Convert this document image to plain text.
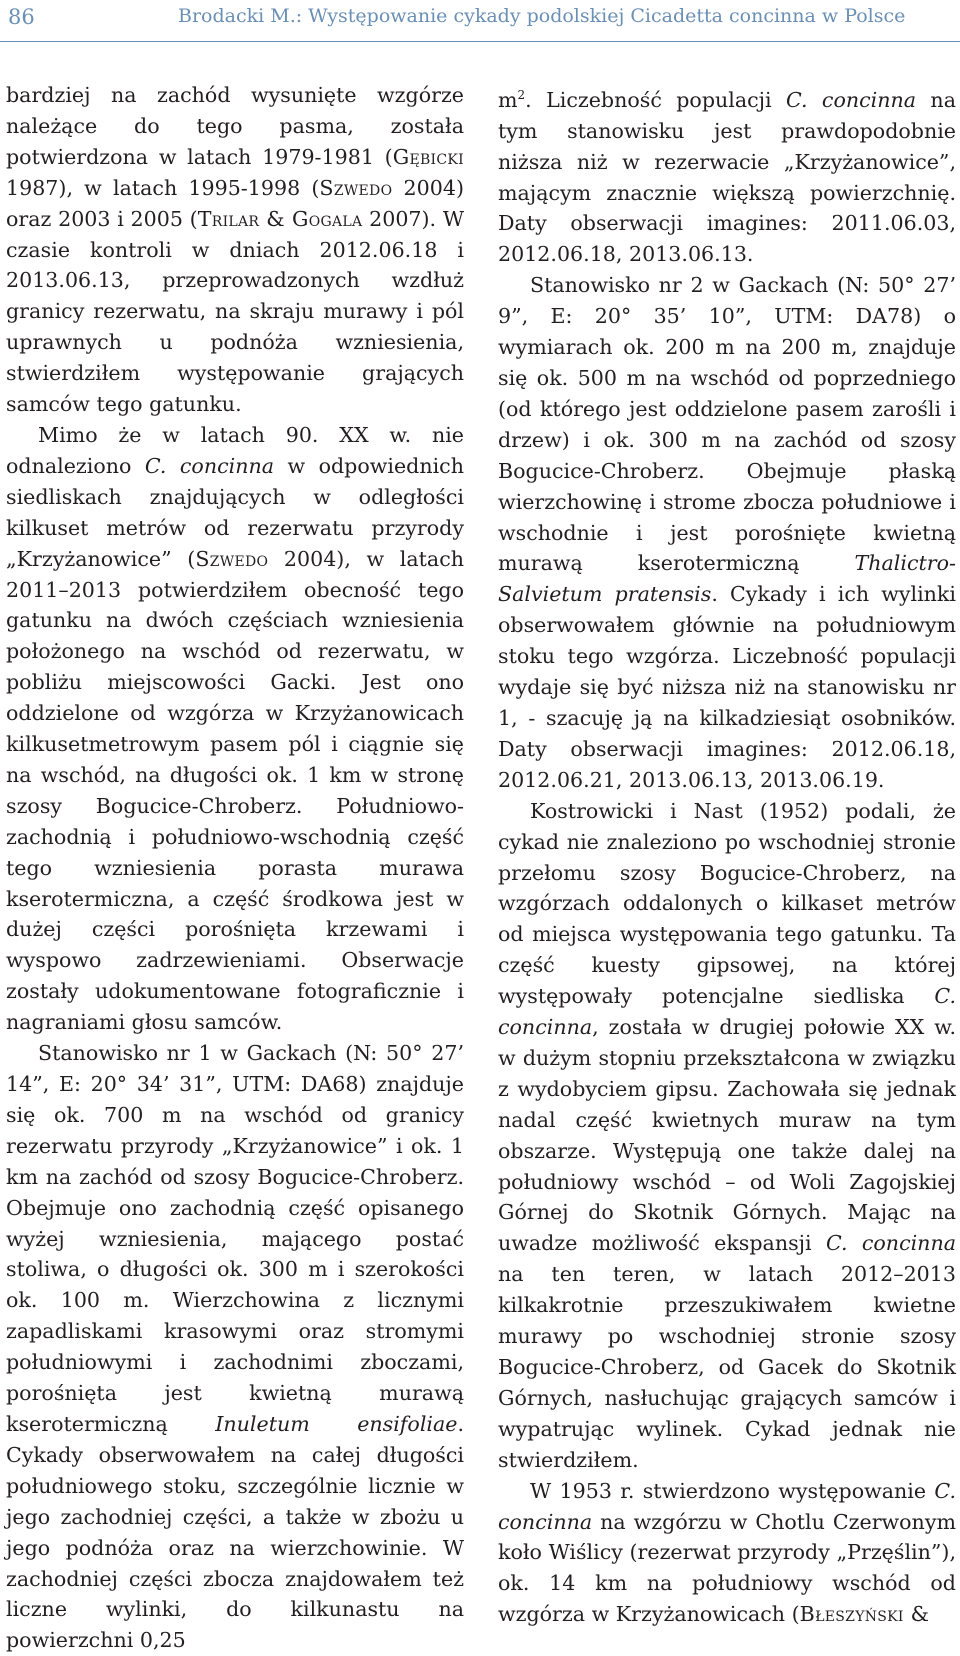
86	Brodacki M.: Występowanie cykady podolskiej Cicadetta concinna w Polsce

bardziej na zachód wysunięte wzgórze należące do tego pasma, została potwierdzona w latach 1979-1981 (Gębicki 1987), w latach 1995-1998 (Szwedo 2004) oraz 2003 i 2005 (Trilar & Gogala 2007). W czasie kontroli w dniach 2012.06.18 i 2013.06.13, przeprowadzonych wzdłuż granicy rezerwatu, na skraju murawy i pól uprawnych u podnóża wzniesienia, stwierdziłem występowanie grających samców tego gatunku.

Mimo że w latach 90. XX w. nie odnaleziono C. concinna w odpowiednich siedliskach znajdujących w odległości kilkuset metrów od rezerwatu przyrody „Krzyżanowice” (Szwedo 2004), w latach 2011–2013 potwierdziłem obecność tego gatunku na dwóch częściach wzniesienia położonego na wschód od rezerwatu, w pobliżu miejscowości Gacki. Jest ono oddzielone od wzgórza w Krzyżanowicach kilkusetmetrowym pasem pól i ciągnie się na wschód, na długości ok. 1 km w stronę szosy Bogucice-Chroberz. Południowo-zachodnią i południowo-wschodnią część tego wzniesienia porasta murawa kserotermiczna, a część środkowa jest w dużej części porośnięta krzewami i wyspowo zadrzewieniami. Obserwacje zostały udokumentowane fotograficznie i nagraniami głosu samców.

Stanowisko nr 1 w Gackach (N: 50° 27’ 14”, E: 20° 34’ 31”, UTM: DA68) znajduje się ok. 700 m na wschód od granicy rezerwatu przyrody „Krzyżanowice” i ok. 1 km na zachód od szosy Bogucice-Chroberz. Obejmuje ono zachodnią część opisanego wyżej wzniesienia, mającego postać stoliwa, o długości ok. 300 m i szerokości ok. 100 m. Wierzchowina z licznymi zapadliskami krasowymi oraz stromymi południowymi i zachodnimi zboczami, porośnięta jest kwietną murawą kserotermiczną Inuletum ensifoliae. Cykady obserwowałem na całej długości południowego stoku, szczególnie licznie w jego zachodniej części, a także w zbożu u jego podnóża oraz na wierzchowinie. W zachodniej części zbocza znajdowałem też liczne wylinki, do kilkunastu na powierzchni 0,25

$m^2$. Liczebność populacji C. concinna na tym stanowisku jest prawdopodobnie niższa niż w rezerwacie „Krzyżanowice”, mającym znacznie większą powierzchnię. Daty obserwacji imagines: 2011.06.03, 2012.06.18, 2013.06.13.

Stanowisko nr 2 w Gackach (N: 50° 27’ 9”, E: 20° 35’ 10”, UTM: DA78) o wymiarach ok. 200 m na 200 m, znajduje się ok. 500 m na wschód od poprzedniego (od którego jest oddzielone pasem zarośli i drzew) i ok. 300 m na zachód od szosy Bogucice-Chroberz. Obejmuje płaską wierzchowinę i strome zbocza południowe i wschodnie i jest porośnięte kwietną murawą kserotermiczną Thalictro-Salvietum pratensis. Cykady i ich wylinki obserwowałem głównie na południowym stoku tego wzgórza. Liczebność populacji wydaje się być niższa niż na stanowisku nr 1, - szacuję ją na kilkadziesiąt osobników. Daty obserwacji imagines: 2012.06.18, 2012.06.21, 2013.06.13, 2013.06.19.

Kostrowicki i Nast (1952) podali, że cykad nie znaleziono po wschodniej stronie przełomu szosy Bogucice-Chroberz, na wzgórzach oddalonych o kilkaset metrów od miejsca występowania tego gatunku. Ta część kuesty gipsowej, na której występowały potencjalne siedliska C. concinna, została w drugiej połowie XX w. w dużym stopniu przekształcona w związku z wydobyciem gipsu. Zachowała się jednak nadal część kwietnych muraw na tym obszarze. Występują one także dalej na południowy wschód – od Woli Zagojskiej Górnej do Skotnik Górnych. Mając na uwadze możliwość ekspansji C. concinna na ten teren, w latach 2012–2013 kilkakrotnie przeszukiwałem kwietne murawy po wschodniej stronie szosy Bogucice-Chroberz, od Gacek do Skotnik Górnych, nasłuchując grających samców i wypatrując wylinek. Cykad jednak nie stwierdziłem.

W 1953 r. stwierdzono występowanie C. concinna na wzgórzu w Chotlu Czerwonym koło Wiślicy (rezerwat przyrody „Przęślin”), ok. 14 km na południowy wschód od wzgórza w Krzyżanowicach (Błeszyński &
